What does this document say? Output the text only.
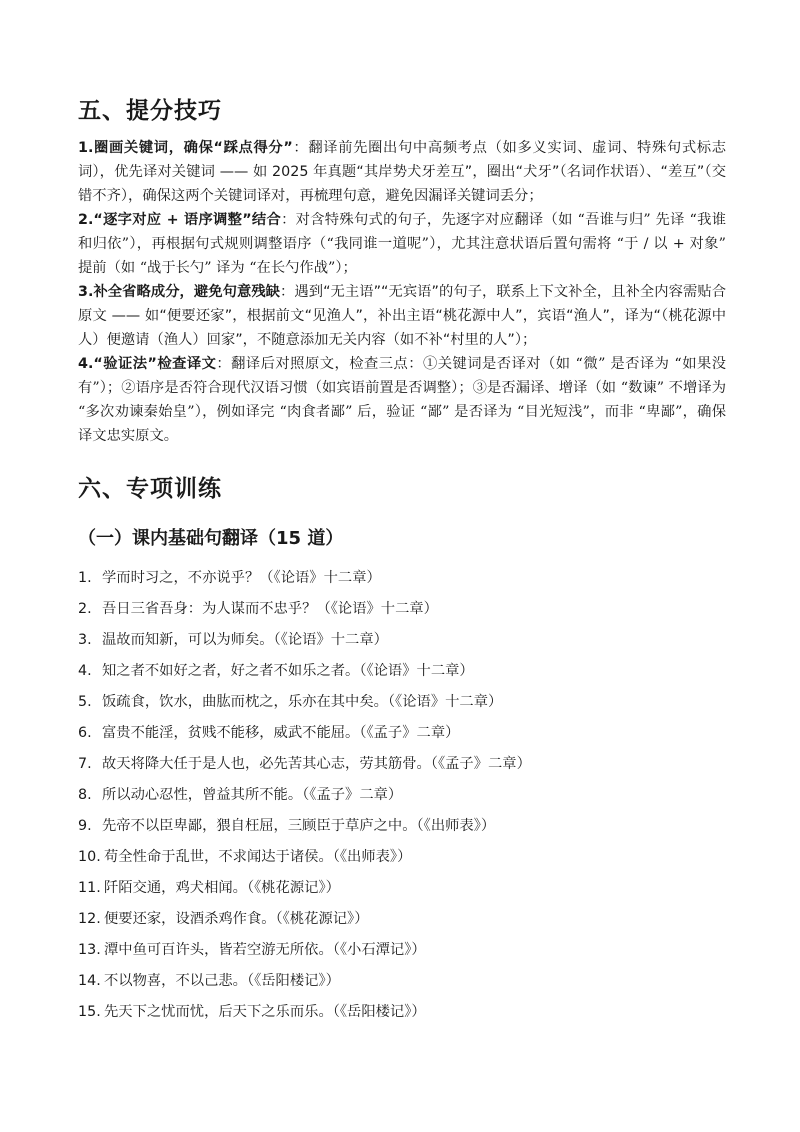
五、提分技巧

1.圈画关键词，确保“踩点得分”：翻译前先圈出句中高频考点（如多义实词、虚词、特殊句式标志词），优先译对关键词 —— 如 2025 年真题“其岸势犬牙差互”，圈出“犬牙”（名词作状语）、“差互”（交错不齐），确保这两个关键词译对，再梳理句意，避免因漏译关键词丢分；

2.“逐字对应 + 语序调整”结合：对含特殊句式的句子，先逐字对应翻译（如 “吾谁与归” 先译 “我谁和归依”），再根据句式规则调整语序（“我同谁一道呢”），尤其注意状语后置句需将 “于 / 以 + 对象” 提前（如 “战于长勺” 译为 “在长勺作战”）；

3.补全省略成分，避免句意残缺：遇到“无主语”“无宾语”的句子，联系上下文补全，且补全内容需贴合原文 —— 如“便要还家”，根据前文“见渔人”，补出主语“桃花源中人”，宾语“渔人”，译为“（桃花源中人）便邀请（渔人）回家”，不随意添加无关内容（如不补“村里的人”）；

4.“验证法”检查译文：翻译后对照原文，检查三点：①关键词是否译对（如 “微” 是否译为 “如果没有”）；②语序是否符合现代汉语习惯（如宾语前置是否调整）；③是否漏译、增译（如 “数谏” 不增译为 “多次劝谏秦始皇”），例如译完 “肉食者鄙” 后，验证 “鄙” 是否译为 “目光短浅”，而非 “卑鄙”，确保译文忠实原文。

六、专项训练
（一）课内基础句翻译（15 道）
1. 学而时习之，不亦说乎？（《论语》十二章）
2. 吾日三省吾身：为人谋而不忠乎？（《论语》十二章）
3. 温故而知新，可以为师矣。（《论语》十二章）
4. 知之者不如好之者，好之者不如乐之者。（《论语》十二章）
5. 饭疏食，饮水，曲肱而枕之，乐亦在其中矣。（《论语》十二章）
6. 富贵不能淫，贫贱不能移，威武不能屈。（《孟子》二章）
7. 故天将降大任于是人也，必先苦其心志，劳其筋骨。（《孟子》二章）
8. 所以动心忍性，曾益其所不能。（《孟子》二章）
9. 先帝不以臣卑鄙，猥自枉屈，三顾臣于草庐之中。（《出师表》）
10. 苟全性命于乱世，不求闻达于诸侯。（《出师表》）
11. 阡陌交通，鸡犬相闻。（《桃花源记》）
12. 便要还家，设酒杀鸡作食。（《桃花源记》）
13. 潭中鱼可百许头，皆若空游无所依。（《小石潭记》）
14. 不以物喜，不以己悲。（《岳阳楼记》）
15. 先天下之忧而忧，后天下之乐而乐。（《岳阳楼记》）
